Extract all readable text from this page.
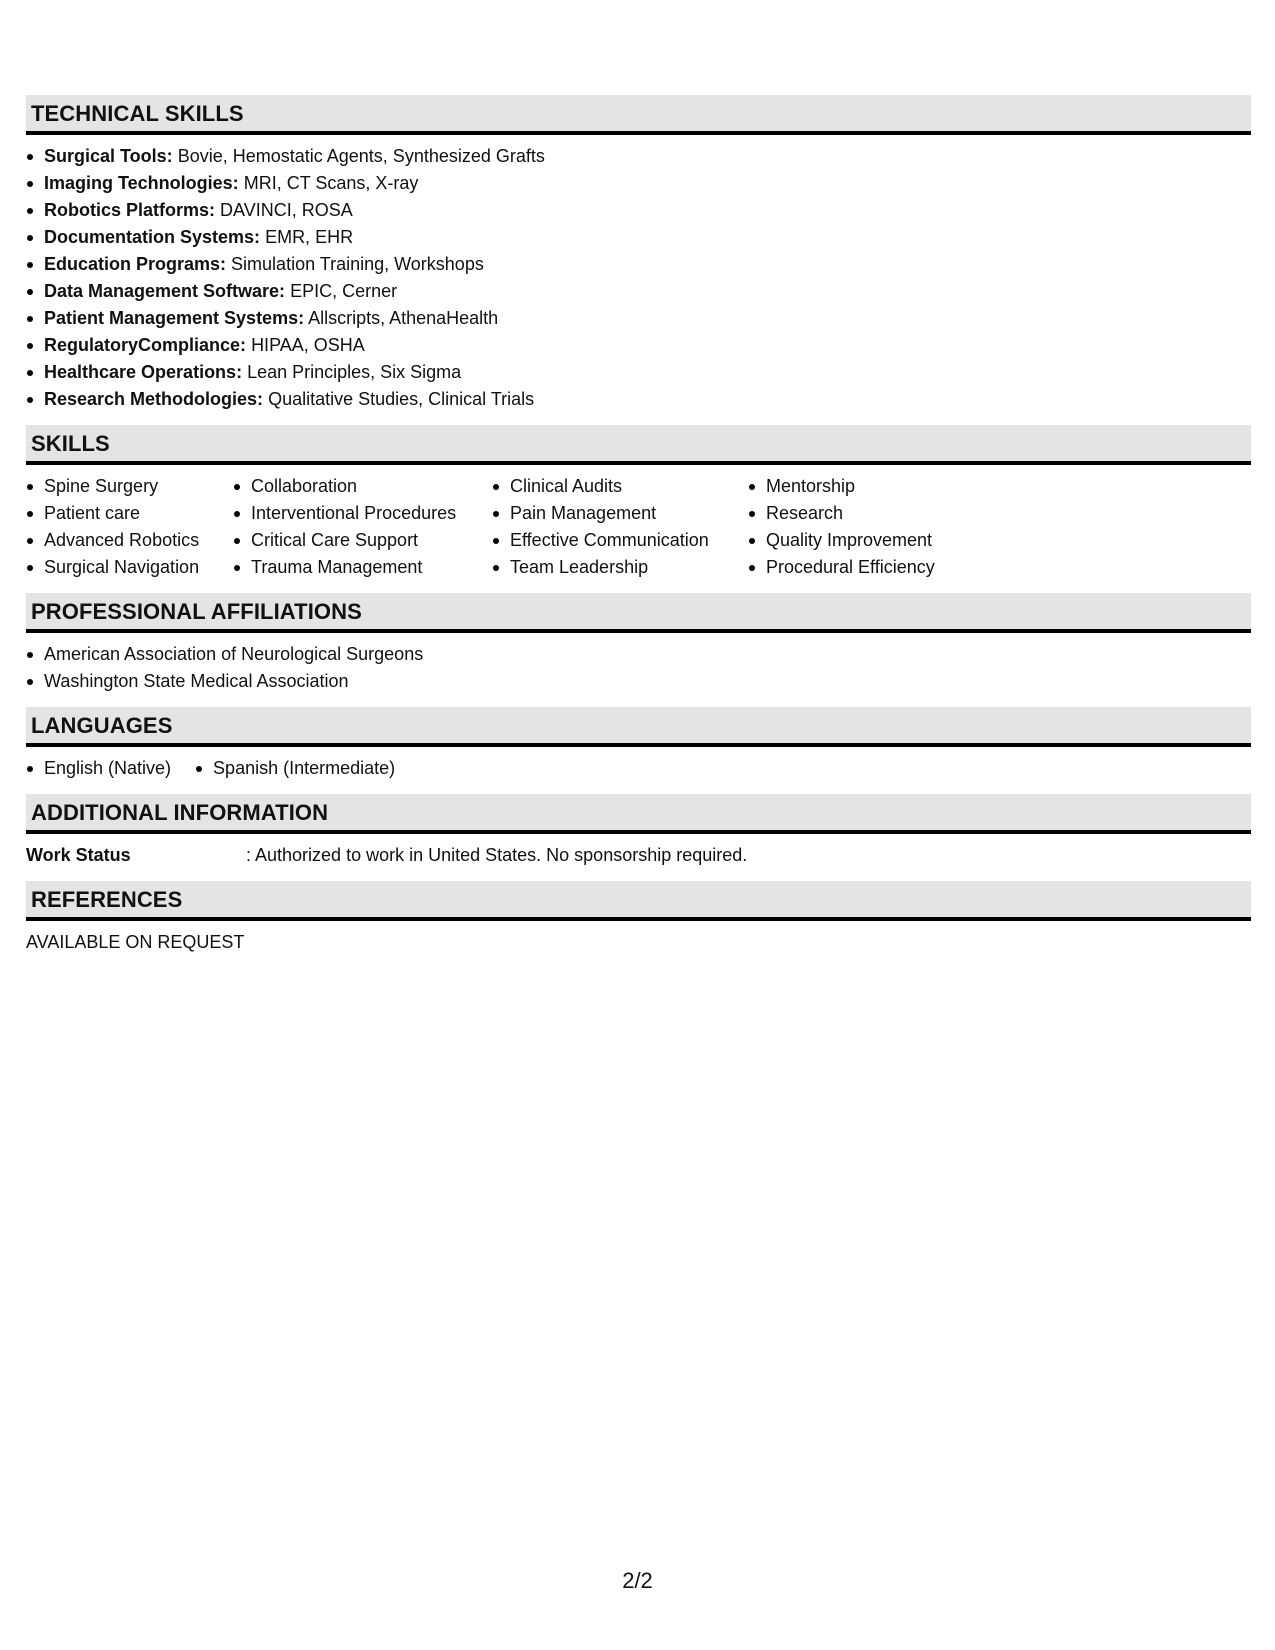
TECHNICAL SKILLS
Surgical Tools: Bovie, Hemostatic Agents, Synthesized Grafts
Imaging Technologies: MRI, CT Scans, X-ray
Robotics Platforms: DAVINCI, ROSA
Documentation Systems: EMR, EHR
Education Programs: Simulation Training, Workshops
Data Management Software: EPIC, Cerner
Patient Management Systems: Allscripts, AthenaHealth
RegulatoryCompliance: HIPAA, OSHA
Healthcare Operations: Lean Principles, Six Sigma
Research Methodologies: Qualitative Studies, Clinical Trials
SKILLS
Spine Surgery
Patient care
Advanced Robotics
Surgical Navigation
Collaboration
Interventional Procedures
Critical Care Support
Trauma Management
Clinical Audits
Pain Management
Effective Communication
Team Leadership
Mentorship
Research
Quality Improvement
Procedural Efficiency
PROFESSIONAL AFFILIATIONS
American Association of Neurological Surgeons
Washington State Medical Association
LANGUAGES
English (Native)	Spanish (Intermediate)
ADDITIONAL INFORMATION
Work Status	: Authorized to work in United States. No sponsorship required.
REFERENCES
AVAILABLE ON REQUEST
2/2
